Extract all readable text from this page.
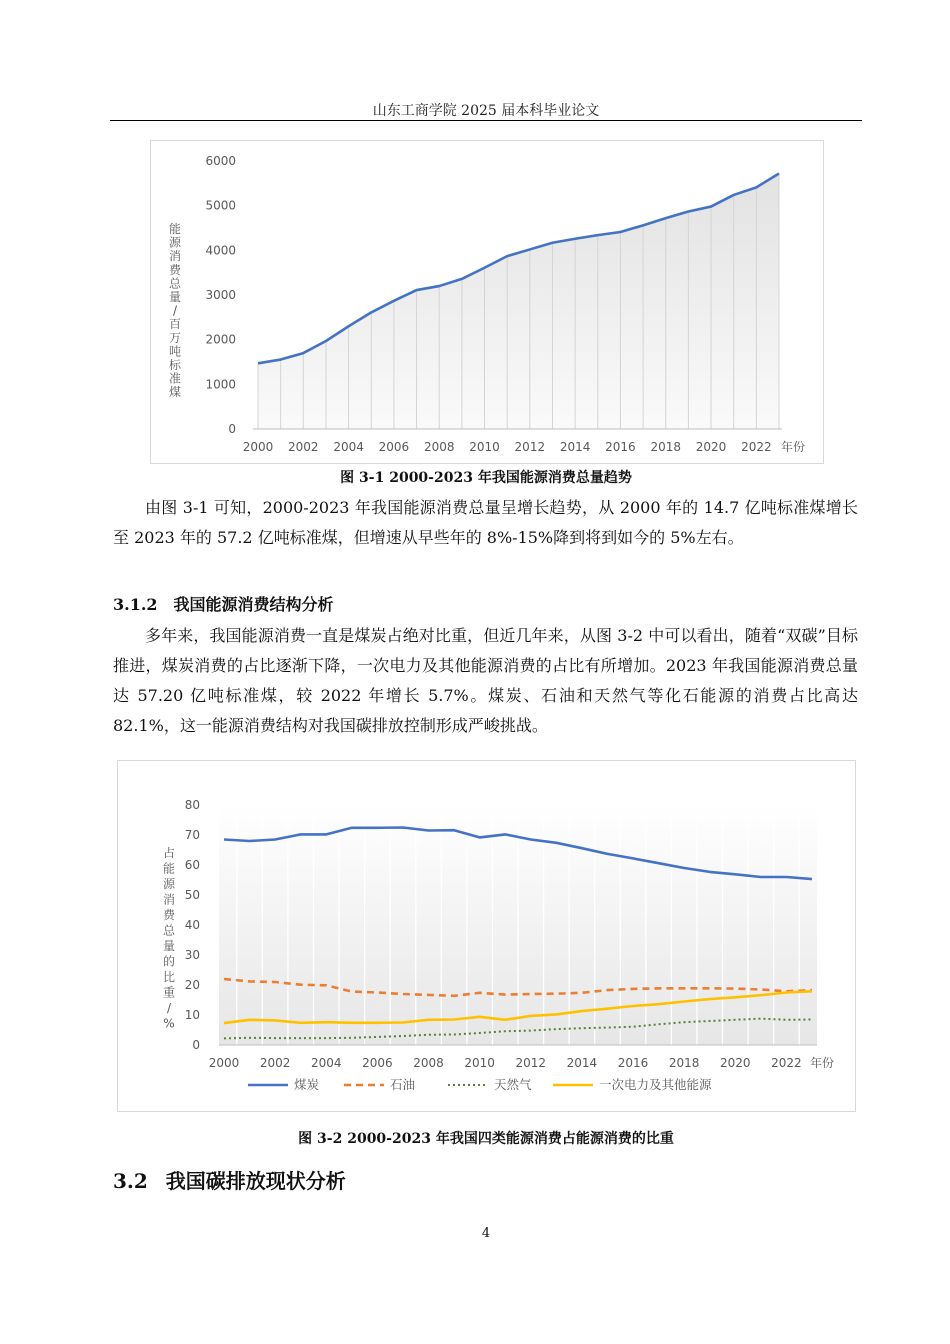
山东工商学院 2025 届本科毕业论文
0
1000
2000
3000
4000
5000
6000
2000 2002 2004 2006 2008 2010 2012 2014 2016 2018 2020 2022 年份
能
源
消
费
总
量
/
百
万
吨
标
准
煤
图 3-1 2000-2023 年我国能源消费总量趋势
由图 3-1 可知，2000-2023 年我国能源消费总量呈增长趋势，从 2000 年的 14.7 亿吨标准煤增长至 2023 年的 57.2 亿吨标准煤，但增速从早些年的 8%-15%降到将到如今的 5%左右。
3.1.2 我国能源消费结构分析
多年来，我国能源消费一直是煤炭占绝对比重，但近几年来，从图 3-2 中可以看出，随着“双碳”目标推进，煤炭消费的占比逐渐下降，一次电力及其他能源消费的占比有所增加。2023 年我国能源消费总量达 57.20 亿吨标准煤，较 2022 年增长 5.7%。煤炭、石油和天然气等化石能源的消费占比高达 82.1%，这一能源消费结构对我国碳排放控制形成严峻挑战。
0
10
20
30
40
50
60
70
80
2000 2002 2004 2006 2008 2010 2012 2014 2016 2018 2020 2022 年份
占
能
源
消
费
总
量
的
比
重
/
%
煤炭	石油	天然气	一次电力及其他能源
图 3-2 2000-2023 年我国四类能源消费占能源消费的比重
3.2 我国碳排放现状分析
4
